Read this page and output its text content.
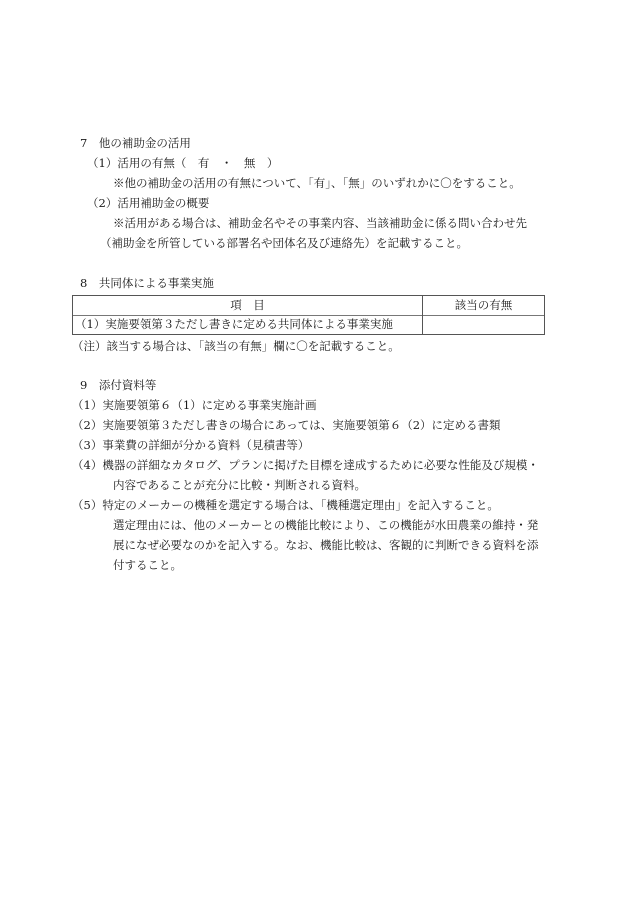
7　他の補助金の活用
（1）活用の有無（　有　・　無　）
※他の補助金の活用の有無について、「有」、「無」のいずれかに〇をすること。
（2）活用補助金の概要
※活用がある場合は、補助金名やその事業内容、当該補助金に係る問い合わせ先
（補助金を所管している部署名や団体名及び連絡先）を記載すること。
8　共同体による事業実施
項　目	該当の有無
（1）実施要領第３ただし書きに定める共同体による事業実施
（注）該当する場合は、「該当の有無」欄に〇を記載すること。
9　添付資料等
（1）実施要領第６（1）に定める事業実施計画
（2）実施要領第３ただし書きの場合にあっては、実施要領第６（2）に定める書類
（3）事業費の詳細が分かる資料（見積書等）
（4）機器の詳細なカタログ、プランに掲げた目標を達成するために必要な性能及び規模・
内容であることが充分に比較・判断される資料。
（5）特定のメーカーの機種を選定する場合は、「機種選定理由」を記入すること。
選定理由には、他のメーカーとの機能比較により、この機能が水田農業の維持・発
展になぜ必要なのかを記入する。なお、機能比較は、客観的に判断できる資料を添
付すること。
